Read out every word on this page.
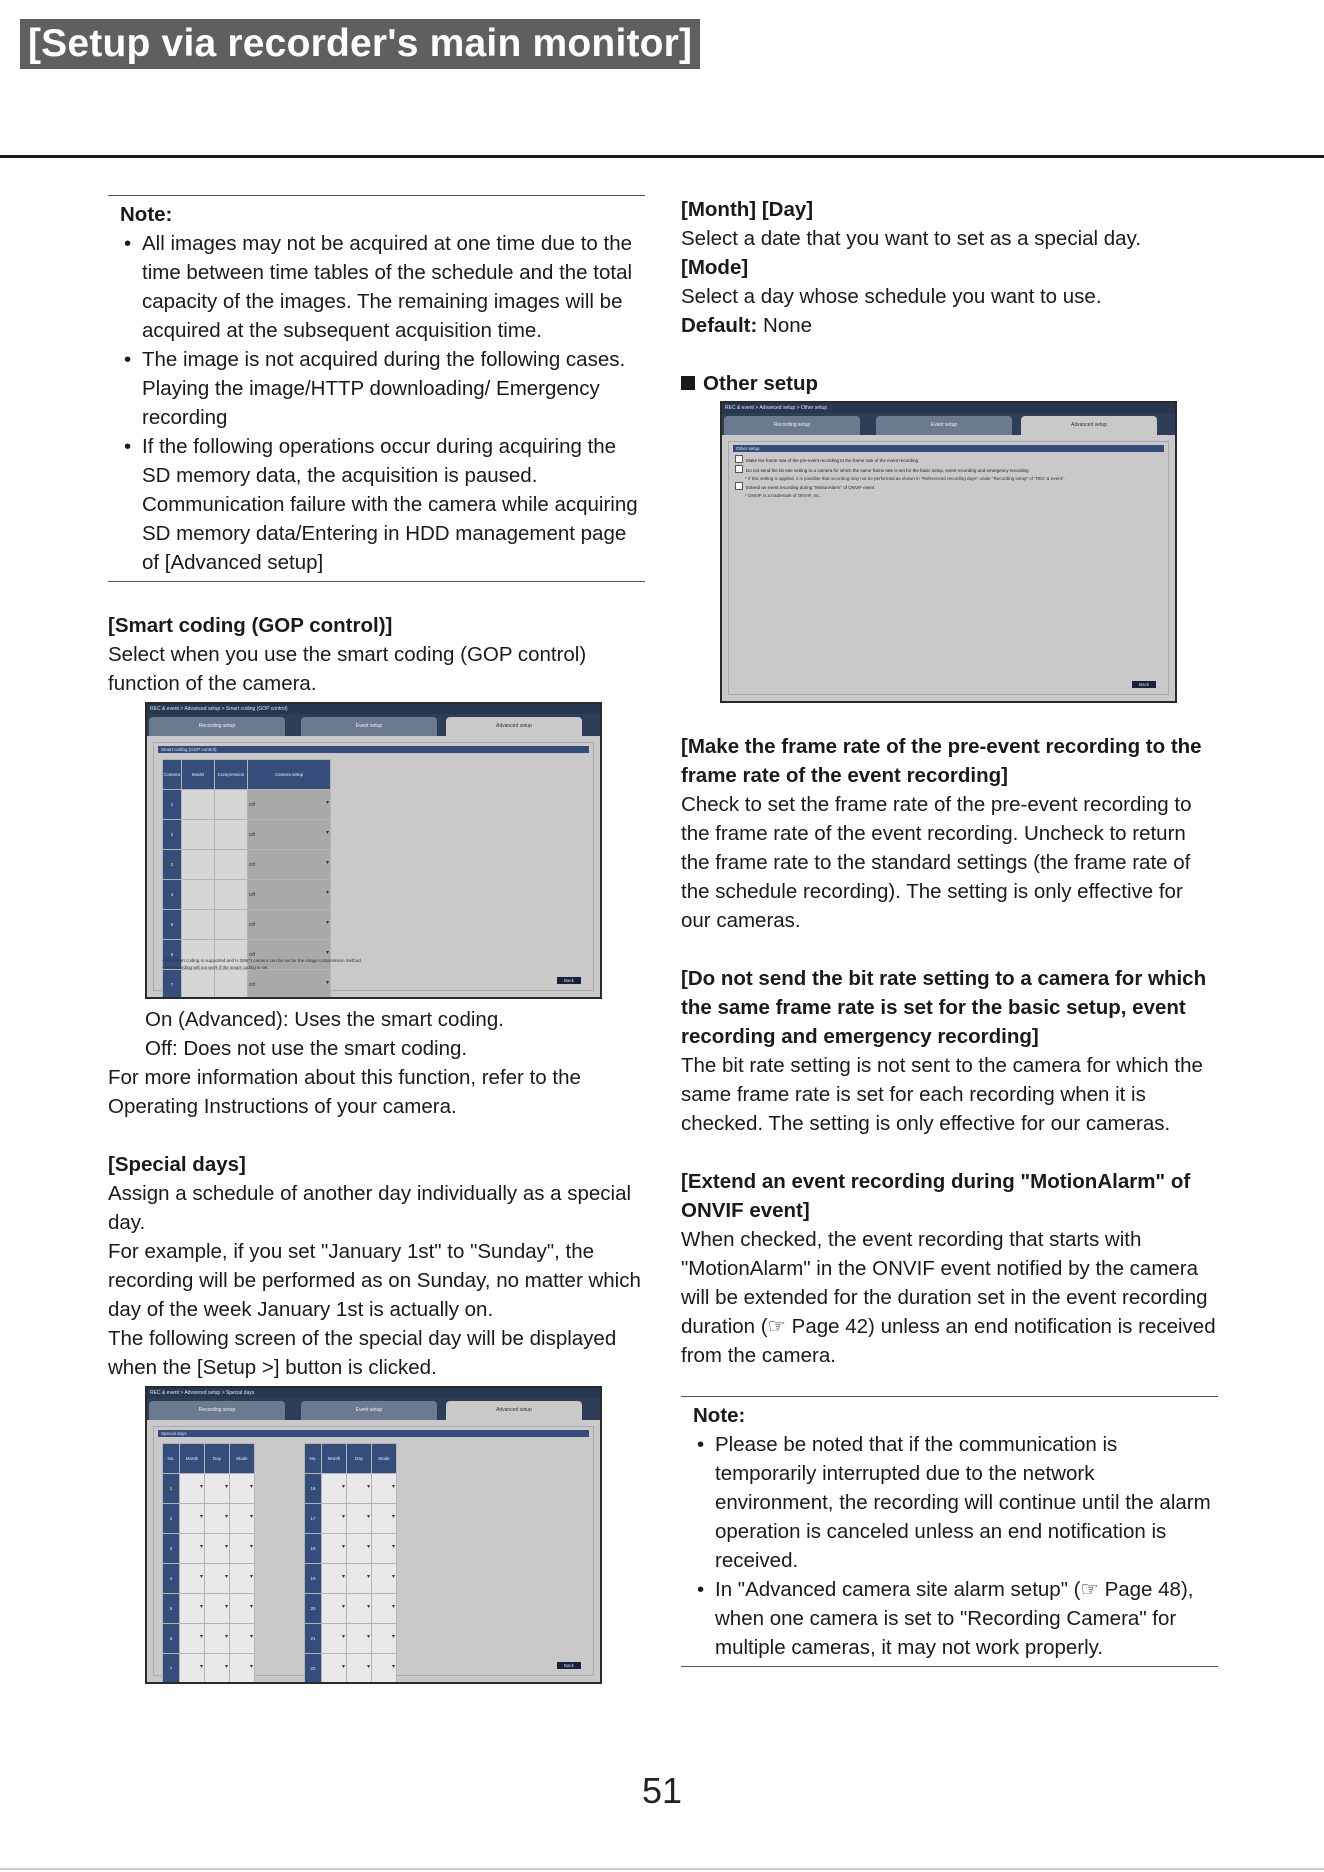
[Setup via recorder's main monitor]
Note:
• All images may not be acquired at one time due to the time between time tables of the schedule and the total capacity of the images. The remaining images will be acquired at the subsequent acquisition time.
• The image is not acquired during the following cases. Playing the image/HTTP downloading/ Emergency recording
• If the following operations occur during acquiring the SD memory data, the acquisition is paused. Communication failure with the camera while acquiring SD memory data/Entering in HDD management page of [Advanced setup]
[Smart coding (GOP control)]
Select when you use the smart coding (GOP control) function of the camera.
REC & event > Advanced setup > Smart coding (GOP control)
Recording setup	Event setup	Advanced setup
Smart coding (GOP control)
Camera	Model	Compression	Camera setup
1			Off ▾
2			Off ▾
3			Off ▾
4			Off ▾
5			Off ▾
6			Off ▾
7			Off ▾

- The smart coding is supported and H.265(*) camera can be set for the image compression method.
- Pre-recording will not work if the smart coding is set.
Back
On (Advanced): Uses the smart coding.
Off: Does not use the smart coding.
For more information about this function, refer to the Operating Instructions of your camera.
[Special days]
Assign a schedule of another day individually as a special day.
For example, if you set "January 1st" to "Sunday", the recording will be performed as on Sunday, no matter which day of the week January 1st is actually on.
The following screen of the special day will be displayed when the [Setup >] button is clicked.
REC & event > Advanced setup > Special days
Recording setup	Event setup	Advanced setup
Special days
No.	Month	Day	Mode
1	▾	▾	▾
2	▾	▾	▾
3	▾	▾	▾
4	▾	▾	▾
5	▾	▾	▾
6	▾	▾	▾
7	▾	▾	▾
	▾	▾	▾

No.	Month	Day	Mode
16	▾	▾	▾
17	▾	▾	▾
18	▾	▾	▾
19	▾	▾	▾
20	▾	▾	▾
21	▾	▾	▾
22	▾	▾	▾
	▾	▾	▾

Back
[Month] [Day]
Select a date that you want to set as a special day.
[Mode]
Select a day whose schedule you want to use.
Default: None
Other setup
REC & event > Advanced setup > Other setup
Recording setup	Event setup	Advanced setup
Other setup
Make the frame rate of the pre-event recording to the frame rate of the event recording
Do not send the bit rate setting to a camera for which the same frame rate is set for the basic setup, event recording and emergency recording
* If this setting is applied, it is possible that recording may not be performed as shown in "Referenced recording days" under "Recording setup" of "REC & event".
Extend an event recording during "MotionAlarm" of ONVIF event
* ONVIF is a trademark of ONVIF, Inc.
Back
[Make the frame rate of the pre-event recording to the frame rate of the event recording]
Check to set the frame rate of the pre-event recording to the frame rate of the event recording. Uncheck to return the frame rate to the standard settings (the frame rate of the schedule recording). The setting is only effective for our cameras.
[Do not send the bit rate setting to a camera for which the same frame rate is set for the basic setup, event recording and emergency recording]
The bit rate setting is not sent to the camera for which the same frame rate is set for each recording when it is checked. The setting is only effective for our cameras.
[Extend an event recording during "MotionAlarm" of ONVIF event]
When checked, the event recording that starts with "MotionAlarm" in the ONVIF event notified by the camera will be extended for the duration set in the event recording duration (☞ Page 42) unless an end notification is received from the camera.
Note:
• Please be noted that if the communication is temporarily interrupted due to the network environment, the recording will continue until the alarm operation is canceled unless an end notification is received.
• In "Advanced camera site alarm setup" (☞ Page 48), when one camera is set to "Recording Camera" for multiple cameras, it may not work properly.
51
